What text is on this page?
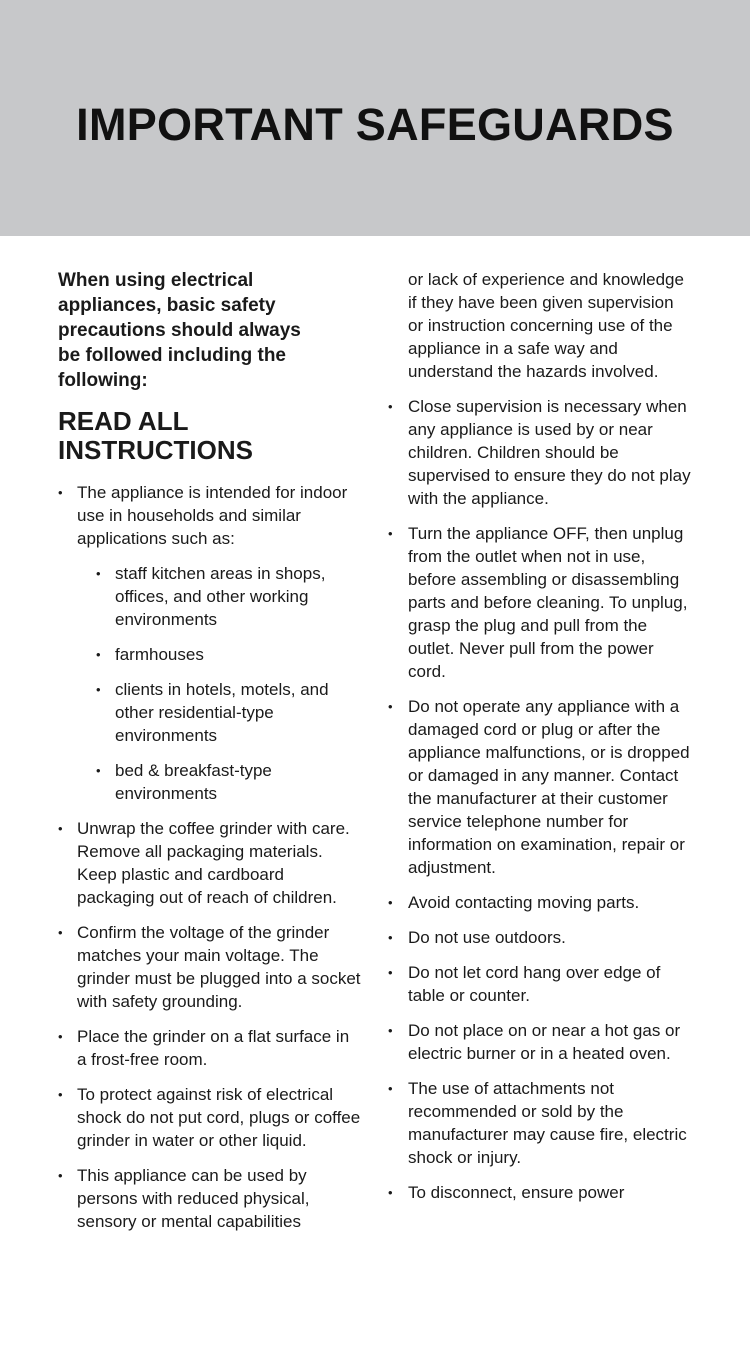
IMPORTANT SAFEGUARDS

When using electrical appliances, basic safety precautions should always be followed including the following:

READ ALL INSTRUCTIONS
• The appliance is intended for indoor use in households and similar applications such as:
• staff kitchen areas in shops, offices, and other working environments
• farmhouses
• clients in hotels, motels, and other residential-type environments
• bed & breakfast-type environments
• Unwrap the coffee grinder with care. Remove all packaging materials. Keep plastic and cardboard packaging out of reach of children.
• Confirm the voltage of the grinder matches your main voltage. The grinder must be plugged into a socket with safety grounding.
• Place the grinder on a flat surface in a frost-free room.
• To protect against risk of electrical shock do not put cord, plugs or coffee grinder in water or other liquid.
• This appliance can be used by persons with reduced physical, sensory or mental capabilities

or lack of experience and knowledge if they have been given supervision or instruction concerning use of the appliance in a safe way and understand the hazards involved.

• Close supervision is necessary when any appliance is used by or near children. Children should be supervised to ensure they do not play with the appliance.
• Turn the appliance OFF, then unplug from the outlet when not in use, before assembling or disassembling parts and before cleaning. To unplug, grasp the plug and pull from the outlet. Never pull from the power cord.
• Do not operate any appliance with a damaged cord or plug or after the appliance malfunctions, or is dropped or damaged in any manner. Contact the manufacturer at their customer service telephone number for information on examination, repair or adjustment.
• Avoid contacting moving parts.
• Do not use outdoors.
• Do not let cord hang over edge of table or counter.
• Do not place on or near a hot gas or electric burner or in a heated oven.
• The use of attachments not recommended or sold by the manufacturer may cause fire, electric shock or injury.
• To disconnect, ensure power
